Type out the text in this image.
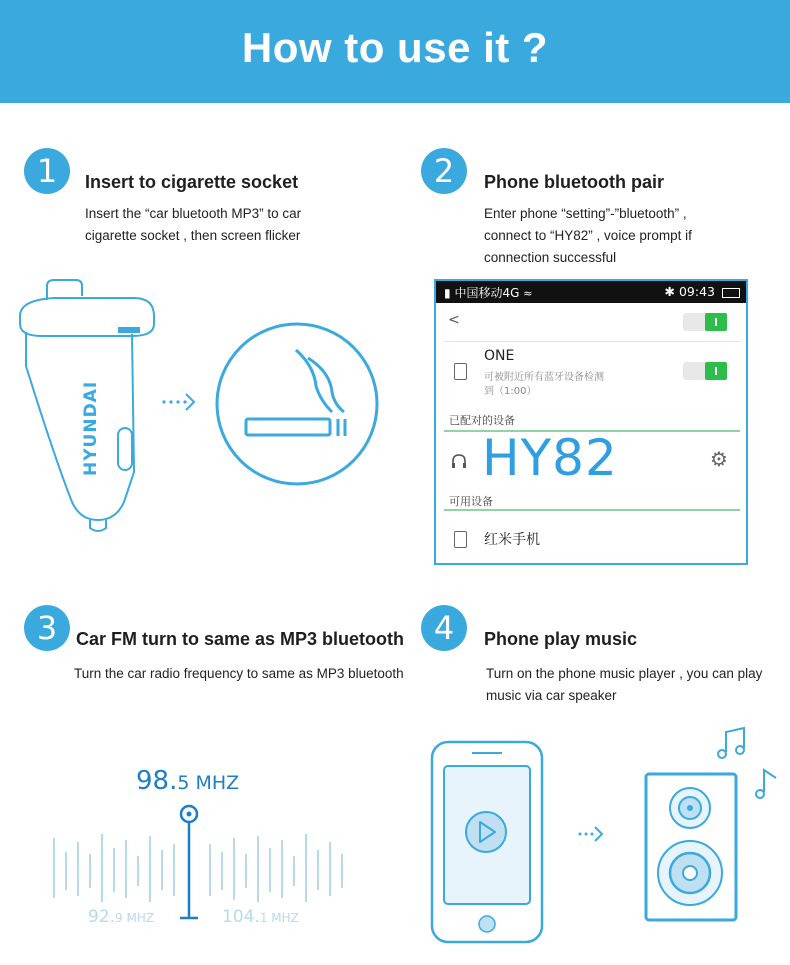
How to use it ?
1	Insert to cigarette socket
Insert the “car bluetooth MP3” to car
cigarette socket , then screen flicker
HYUNDAI
2	Phone bluetooth pair
Enter phone “setting”-”bluetooth” ,
connect to “HY82” , voice prompt if
connection successful
▮ 中国移动4G ≈	✱ 09:43
<
ONE
可被附近所有蓝牙设备检测
到（1:00）
已配对的设备
HY82	⚙
可用设备
红米手机
3	Car FM turn to same as MP3 bluetooth
Turn the car radio frequency to same as MP3 bluetooth
98.5 MHZ
92.9 MHZ	104.1 MHZ
4	Phone play music
Turn on the phone music player , you can play
music via car speaker
